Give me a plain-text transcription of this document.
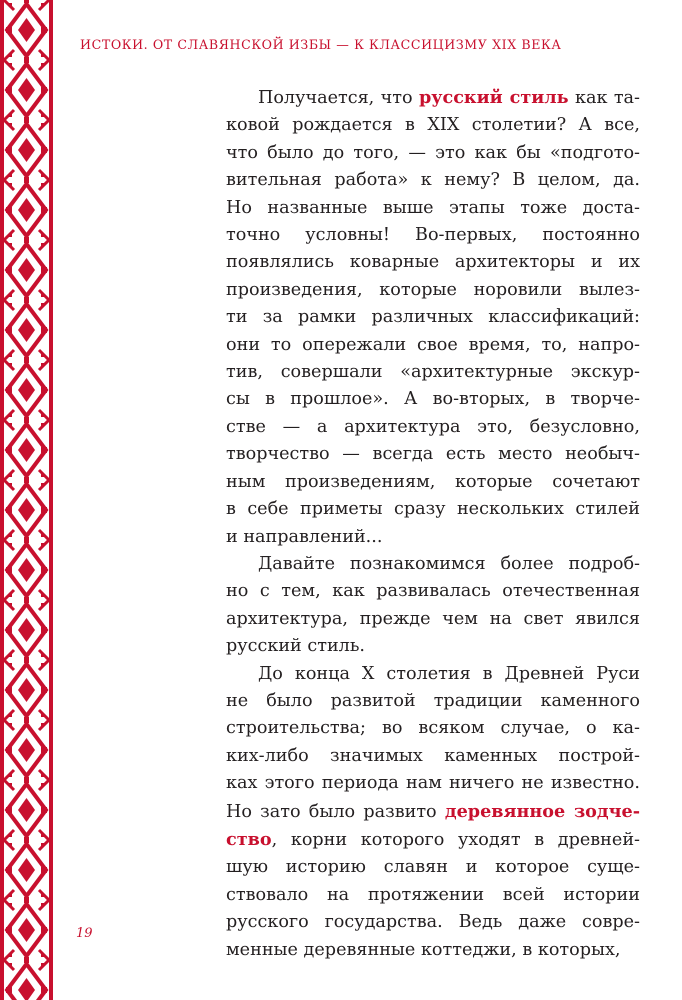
ИСТОКИ. ОТ СЛАВЯНСКОЙ ИЗБЫ — К КЛАССИЦИЗМУ XIX ВЕКА
Получается, что русский стиль как та-
ковой рождается в XIX столетии? А все,
что было до того, — это как бы «подгото-
вительная работа» к нему? В целом, да.
Но названные выше этапы тоже доста-
точно условны! Во-первых, постоянно
появлялись коварные архитекторы и их
произведения, которые норовили вылез-
ти за рамки различных классификаций:
они то опережали свое время, то, напро-
тив, совершали «архитектурные экскур-
сы в прошлое». А во-вторых, в творче-
стве — а архитектура это, безусловно,
творчество — всегда есть место необыч-
ным произведениям, которые сочетают
в себе приметы сразу нескольких стилей
и направлений...
Давайте познакомимся более подроб-
но с тем, как развивалась отечественная
архитектура, прежде чем на свет явился
русский стиль.
До конца X столетия в Древней Руси
не было развитой традиции каменного
строительства; во всяком случае, о ка-
ких-либо значимых каменных построй-
ках этого периода нам ничего не известно.
Но зато было развито деревянное зодче-
ство, корни которого уходят в древней-
шую историю славян и которое суще-
ствовало на протяжении всей истории
русского государства. Ведь даже совре-
менные деревянные коттеджи, в которых,
19
